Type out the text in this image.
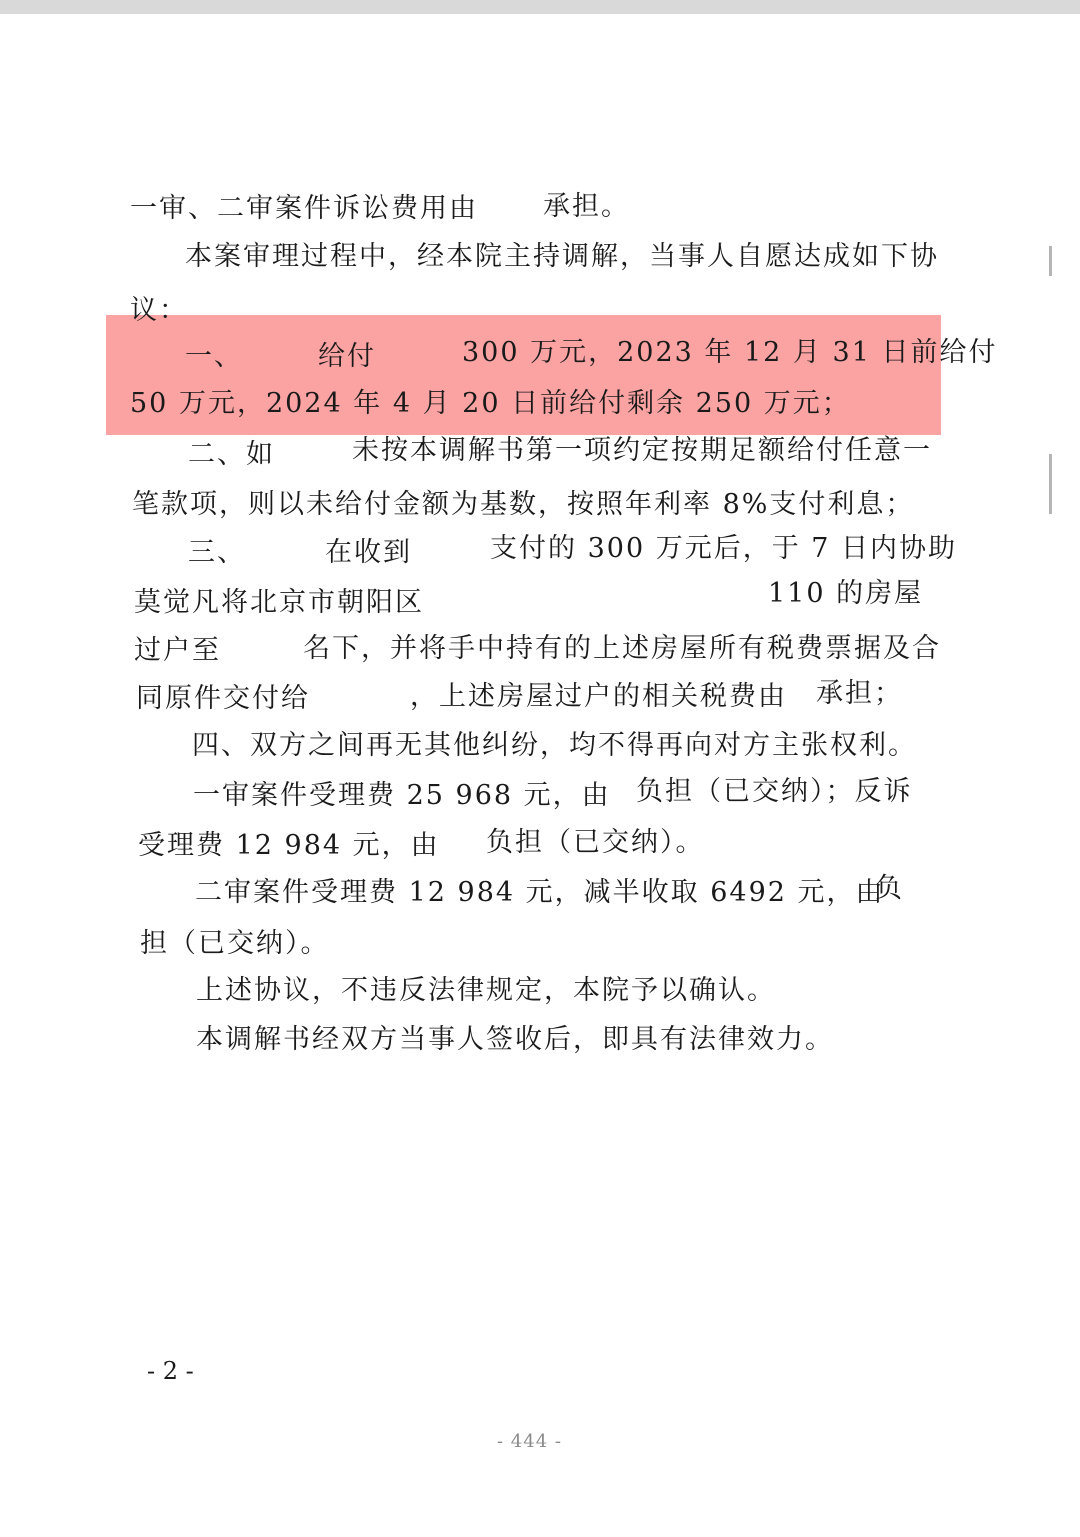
一审、二审案件诉讼费用由 承担。
本案审理过程中，经本院主持调解，当事人自愿达成如下协
议：
一、	给付	300 万元，2023 年 12 月 31 日前给付
50 万元，2024 年 4 月 20 日前给付剩余 250 万元；
二、如	未按本调解书第一项约定按期足额给付任意一
笔款项，则以未给付金额为基数，按照年利率 8%支付利息；
三、	在收到	支付的 300 万元后，于 7 日内协助
莫觉凡将北京市朝阳区	110 的房屋
过户至	名下，并将手中持有的上述房屋所有税费票据及合
同原件交付给	，上述房屋过户的相关税费由 承担；
四、双方之间再无其他纠纷，均不得再向对方主张权利。
一审案件受理费 25 968 元，由 负担（已交纳）；反诉
受理费 12 984 元，由 负担（已交纳）。
二审案件受理费 12 984 元，减半收取 6492 元，由
负
担（已交纳）。
上述协议，不违反法律规定，本院予以确认。
本调解书经双方当事人签收后，即具有法律效力。
- 2 -
- 444 -
